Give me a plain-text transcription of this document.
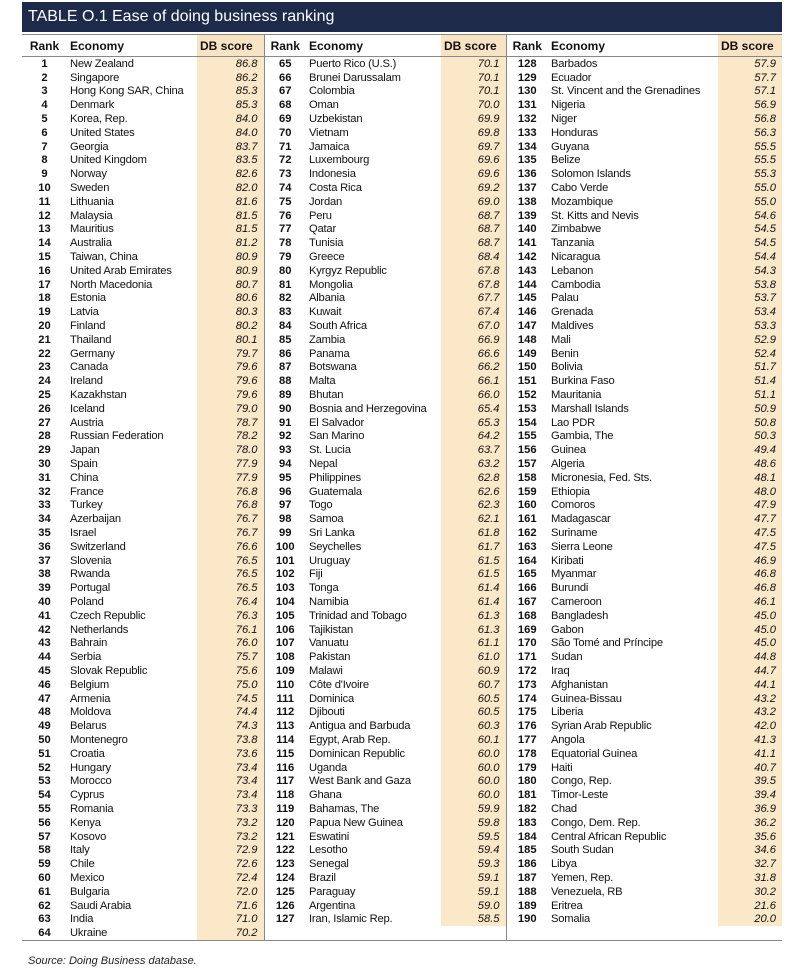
TABLE O.1 Ease of doing business ranking
Rank	Economy	DB score	Rank	Economy	DB score	Rank	Economy	DB score
1	New Zealand	86.8	65	Puerto Rico (U.S.)	70.1	128	Barbados	57.9
2	Singapore	86.2	66	Brunei Darussalam	70.1	129	Ecuador	57.7
3	Hong Kong SAR, China	85.3	67	Colombia	70.1	130	St. Vincent and the Grenadines	57.1
4	Denmark	85.3	68	Oman	70.0	131	Nigeria	56.9
5	Korea, Rep.	84.0	69	Uzbekistan	69.9	132	Niger	56.8
6	United States	84.0	70	Vietnam	69.8	133	Honduras	56.3
7	Georgia	83.7	71	Jamaica	69.7	134	Guyana	55.5
8	United Kingdom	83.5	72	Luxembourg	69.6	135	Belize	55.5
9	Norway	82.6	73	Indonesia	69.6	136	Solomon Islands	55.3
10	Sweden	82.0	74	Costa Rica	69.2	137	Cabo Verde	55.0
11	Lithuania	81.6	75	Jordan	69.0	138	Mozambique	55.0
12	Malaysia	81.5	76	Peru	68.7	139	St. Kitts and Nevis	54.6
13	Mauritius	81.5	77	Qatar	68.7	140	Zimbabwe	54.5
14	Australia	81.2	78	Tunisia	68.7	141	Tanzania	54.5
15	Taiwan, China	80.9	79	Greece	68.4	142	Nicaragua	54.4
16	United Arab Emirates	80.9	80	Kyrgyz Republic	67.8	143	Lebanon	54.3
17	North Macedonia	80.7	81	Mongolia	67.8	144	Cambodia	53.8
18	Estonia	80.6	82	Albania	67.7	145	Palau	53.7
19	Latvia	80.3	83	Kuwait	67.4	146	Grenada	53.4
20	Finland	80.2	84	South Africa	67.0	147	Maldives	53.3
21	Thailand	80.1	85	Zambia	66.9	148	Mali	52.9
22	Germany	79.7	86	Panama	66.6	149	Benin	52.4
23	Canada	79.6	87	Botswana	66.2	150	Bolivia	51.7
24	Ireland	79.6	88	Malta	66.1	151	Burkina Faso	51.4
25	Kazakhstan	79.6	89	Bhutan	66.0	152	Mauritania	51.1
26	Iceland	79.0	90	Bosnia and Herzegovina	65.4	153	Marshall Islands	50.9
27	Austria	78.7	91	El Salvador	65.3	154	Lao PDR	50.8
28	Russian Federation	78.2	92	San Marino	64.2	155	Gambia, The	50.3
29	Japan	78.0	93	St. Lucia	63.7	156	Guinea	49.4
30	Spain	77.9	94	Nepal	63.2	157	Algeria	48.6
31	China	77.9	95	Philippines	62.8	158	Micronesia, Fed. Sts.	48.1
32	France	76.8	96	Guatemala	62.6	159	Ethiopia	48.0
33	Turkey	76.8	97	Togo	62.3	160	Comoros	47.9
34	Azerbaijan	76.7	98	Samoa	62.1	161	Madagascar	47.7
35	Israel	76.7	99	Sri Lanka	61.8	162	Suriname	47.5
36	Switzerland	76.6	100	Seychelles	61.7	163	Sierra Leone	47.5
37	Slovenia	76.5	101	Uruguay	61.5	164	Kiribati	46.9
38	Rwanda	76.5	102	Fiji	61.5	165	Myanmar	46.8
39	Portugal	76.5	103	Tonga	61.4	166	Burundi	46.8
40	Poland	76.4	104	Namibia	61.4	167	Cameroon	46.1
41	Czech Republic	76.3	105	Trinidad and Tobago	61.3	168	Bangladesh	45.0
42	Netherlands	76.1	106	Tajikistan	61.3	169	Gabon	45.0
43	Bahrain	76.0	107	Vanuatu	61.1	170	São Tomé and Príncipe	45.0
44	Serbia	75.7	108	Pakistan	61.0	171	Sudan	44.8
45	Slovak Republic	75.6	109	Malawi	60.9	172	Iraq	44.7
46	Belgium	75.0	110	Côte d'Ivoire	60.7	173	Afghanistan	44.1
47	Armenia	74.5	111	Dominica	60.5	174	Guinea-Bissau	43.2
48	Moldova	74.4	112	Djibouti	60.5	175	Liberia	43.2
49	Belarus	74.3	113	Antigua and Barbuda	60.3	176	Syrian Arab Republic	42.0
50	Montenegro	73.8	114	Egypt, Arab Rep.	60.1	177	Angola	41.3
51	Croatia	73.6	115	Dominican Republic	60.0	178	Equatorial Guinea	41.1
52	Hungary	73.4	116	Uganda	60.0	179	Haiti	40.7
53	Morocco	73.4	117	West Bank and Gaza	60.0	180	Congo, Rep.	39.5
54	Cyprus	73.4	118	Ghana	60.0	181	Timor-Leste	39.4
55	Romania	73.3	119	Bahamas, The	59.9	182	Chad	36.9
56	Kenya	73.2	120	Papua New Guinea	59.8	183	Congo, Dem. Rep.	36.2
57	Kosovo	73.2	121	Eswatini	59.5	184	Central African Republic	35.6
58	Italy	72.9	122	Lesotho	59.4	185	South Sudan	34.6
59	Chile	72.6	123	Senegal	59.3	186	Libya	32.7
60	Mexico	72.4	124	Brazil	59.1	187	Yemen, Rep.	31.8
61	Bulgaria	72.0	125	Paraguay	59.1	188	Venezuela, RB	30.2
62	Saudi Arabia	71.6	126	Argentina	59.0	189	Eritrea	21.6
63	India	71.0	127	Iran, Islamic Rep.	58.5	190	Somalia	20.0
64	Ukraine	70.2						
Source: Doing Business database.
